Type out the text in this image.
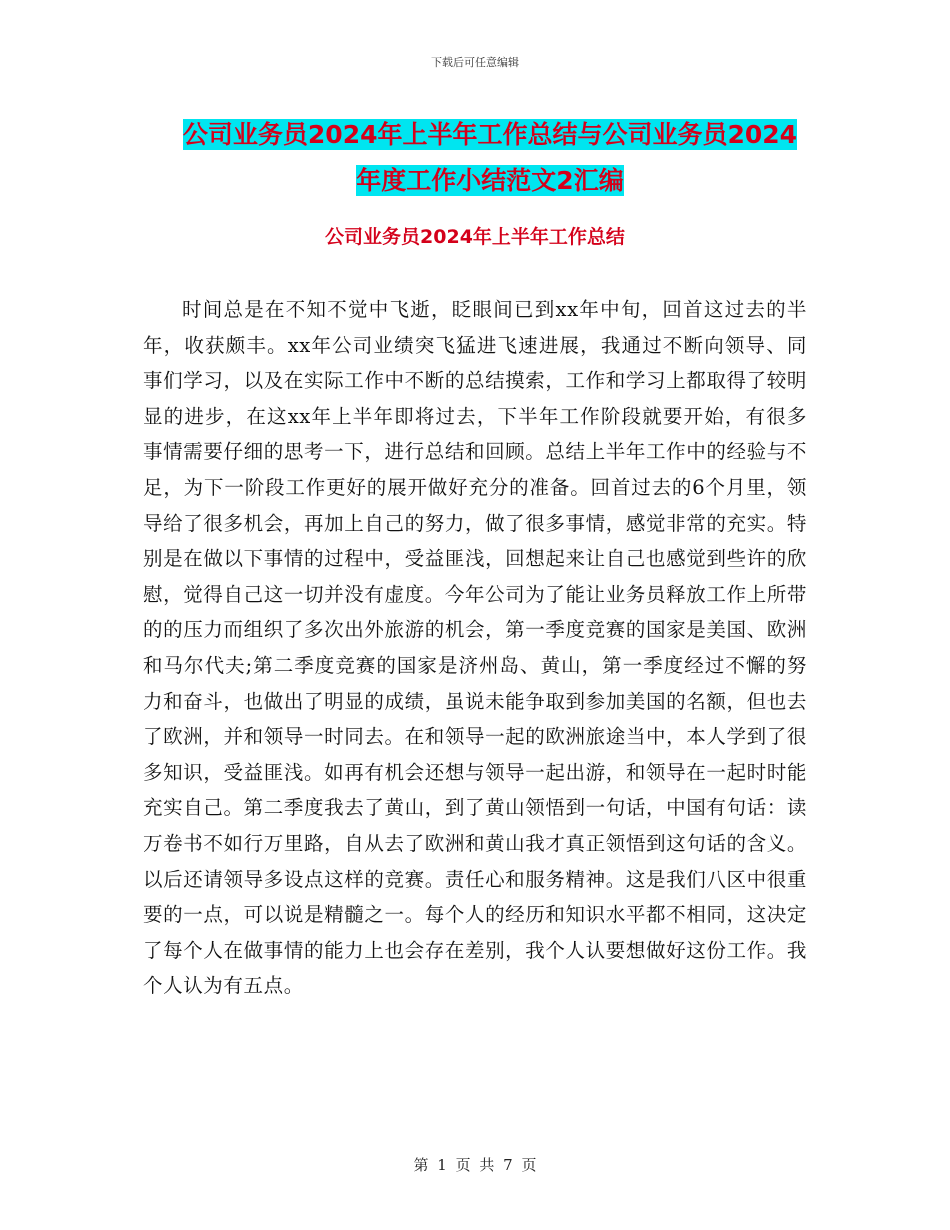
下载后可任意编辑
公司业务员2024年上半年工作总结与公司业务员2024
年度工作小结范文2汇编
公司业务员2024年上半年工作总结

时间总是在不知不觉中飞逝，眨眼间已到xx年中旬，回首这过去的半年，收获颇丰。xx年公司业绩突飞猛进飞速进展，我通过不断向领导、同事们学习，以及在实际工作中不断的总结摸索，工作和学习上都取得了较明显的进步，在这xx年上半年即将过去，下半年工作阶段就要开始，有很多事情需要仔细的思考一下，进行总结和回顾。总结上半年工作中的经验与不足，为下一阶段工作更好的展开做好充分的准备。回首过去的6个月里，领导给了很多机会，再加上自己的努力，做了很多事情，感觉非常的充实。特别是在做以下事情的过程中，受益匪浅，回想起来让自己也感觉到些许的欣慰，觉得自己这一切并没有虚度。今年公司为了能让业务员释放工作上所带的的压力而组织了多次出外旅游的机会，第一季度竞赛的国家是美国、欧洲和马尔代夫;第二季度竞赛的国家是济州岛、黄山，第一季度经过不懈的努力和奋斗，也做出了明显的成绩，虽说未能争取到参加美国的名额，但也去了欧洲，并和领导一时同去。在和领导一起的欧洲旅途当中，本人学到了很多知识，受益匪浅。如再有机会还想与领导一起出游，和领导在一起时时能充实自己。第二季度我去了黄山，到了黄山领悟到一句话，中国有句话：读万卷书不如行万里路，自从去了欧洲和黄山我才真正领悟到这句话的含义。以后还请领导多设点这样的竞赛。责任心和服务精神。这是我们八区中很重要的一点，可以说是精髓之一。每个人的经历和知识水平都不相同，这决定了每个人在做事情的能力上也会存在差别，我个人认要想做好这份工作。我个人认为有五点。

第 1 页 共 7 页
